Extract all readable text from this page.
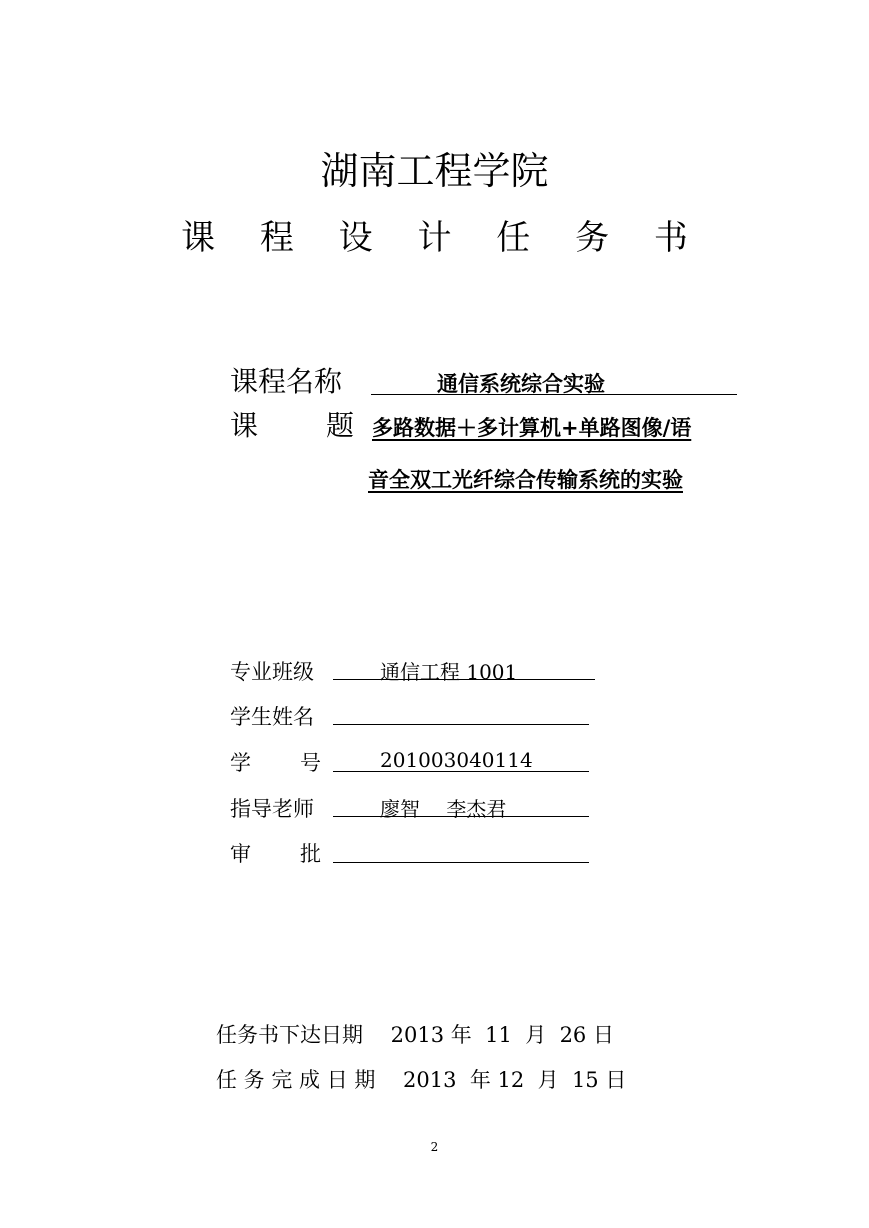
湖南工程学院
课 程 设 计 任 务 书
课程名称	通信系统综合实验
课 题 多路数据＋多计算机+单路图像/语
音全双工光纤综合传输系统的实验
专业班级	通信工程 1001
学生姓名
学 号	201003040114
指导老师	廖智　 李杰君
审 批
任务书下达日期　 2013 年  11  月  26 日
任 务 完 成 日 期　 2013  年 12  月  15 日
2
